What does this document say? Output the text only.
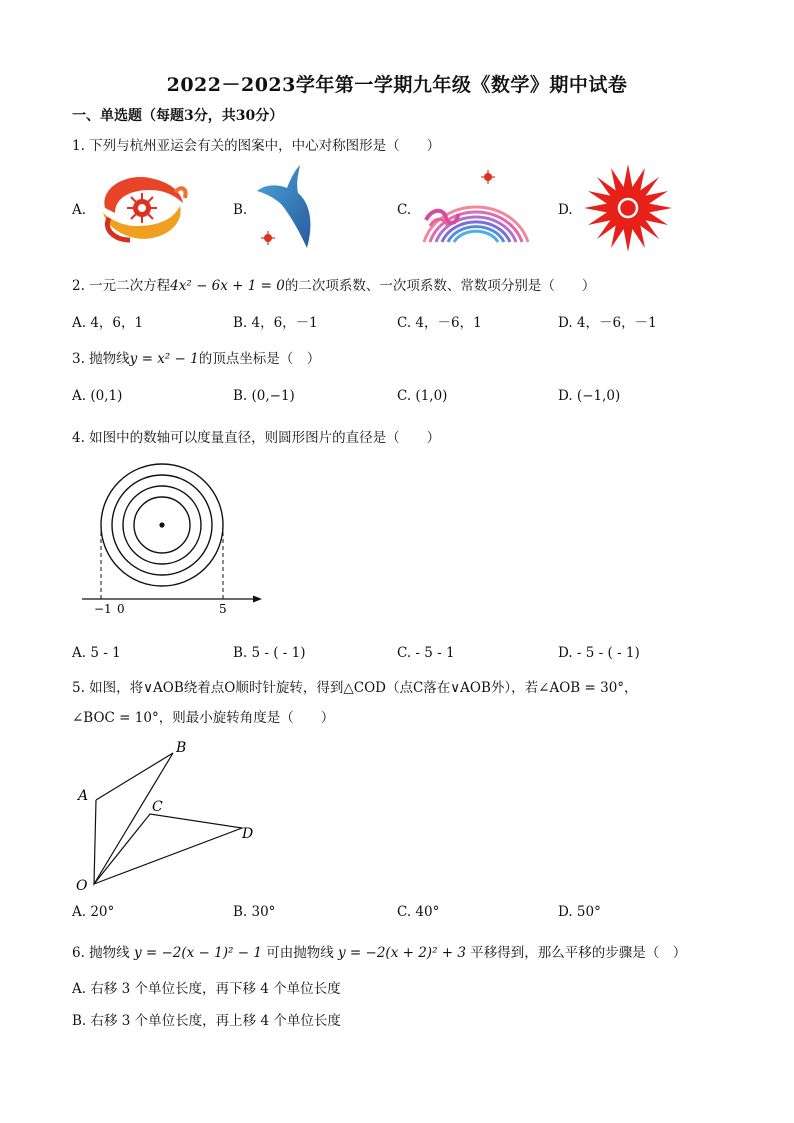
2022－2023学年第一学期九年级《数学》期中试卷
一、单选题（每题3分，共30分）
1. 下列与杭州亚运会有关的图案中，中心对称图形是（　　）
A.	B.	C.	D.
2. 一元二次方程4x² − 6x + 1 = 0的二次项系数、一次项系数、常数项分别是（　　）
A. 4，6，1	B. 4，6，－1	C. 4，－6，1	D. 4，－6，－1
3. 抛物线y = x² − 1的顶点坐标是（　）
A. (0,1)	B. (0,−1)	C. (1,0)	D. (−1,0)
4. 如图中的数轴可以度量直径，则圆形图片的直径是（　　）
−1 0	5
A. 5 - 1	B. 5 - ( - 1)	C. - 5 - 1	D. - 5 - ( - 1)
5. 如图，将∨AOB绕着点O顺时针旋转，得到△COD（点C落在∨AOB外），若∠AOB = 30°，
∠BOC = 10°，则最小旋转角度是（　　）
A
B
C
D
O
A. 20°	B. 30°	C. 40°	D. 50°
6. 抛物线 y = −2(x − 1)² − 1 可由抛物线 y = −2(x + 2)² + 3 平移得到，那么平移的步骤是（　）
A. 右移 3 个单位长度，再下移 4 个单位长度
B. 右移 3 个单位长度，再上移 4 个单位长度
